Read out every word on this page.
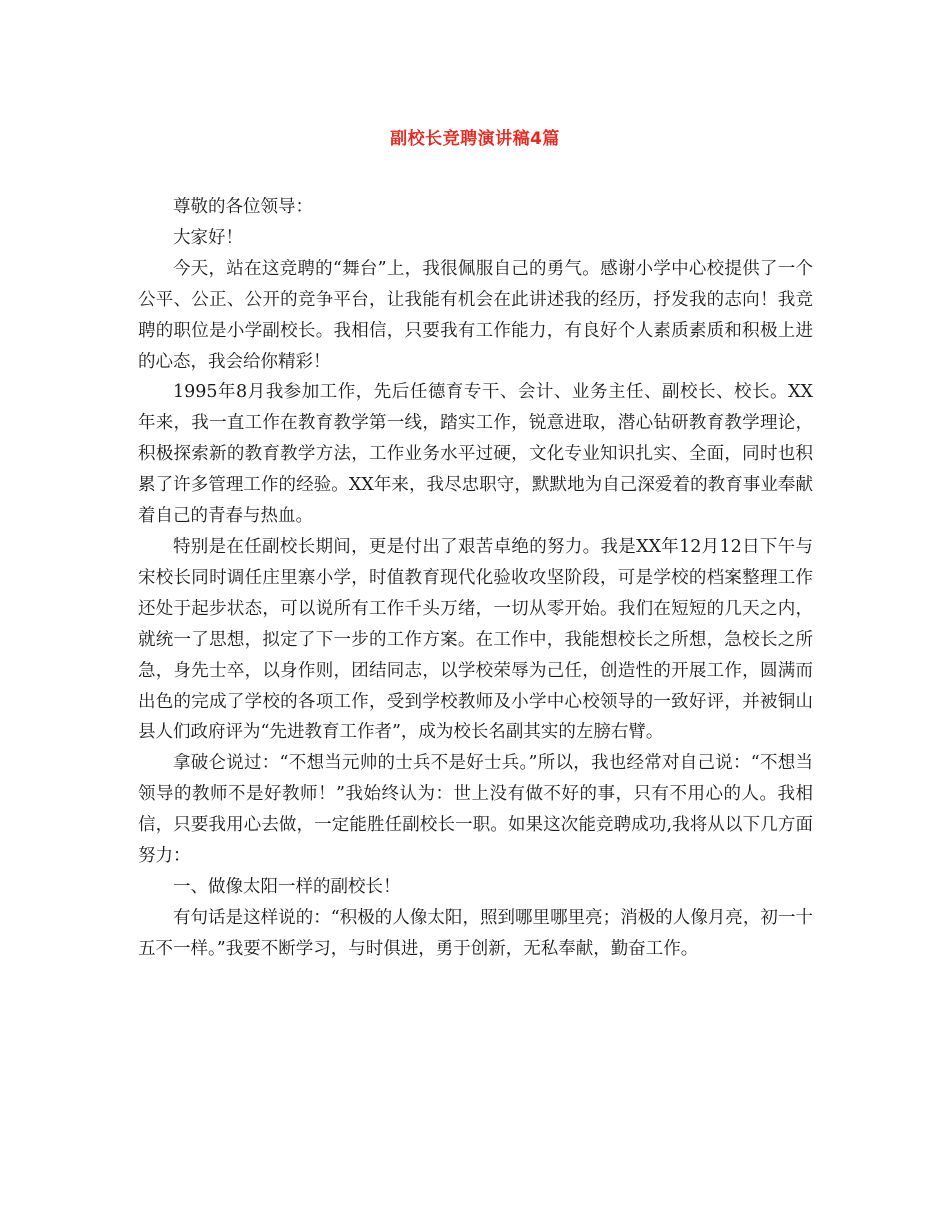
副校长竞聘演讲稿4篇

尊敬的各位领导：

大家好！

今天，站在这竞聘的“舞台”上，我很佩服自己的勇气。感谢小学中心校提供了一个公平、公正、公开的竞争平台，让我能有机会在此讲述我的经历，抒发我的志向！我竞聘的职位是小学副校长。我相信，只要我有工作能力，有良好个人素质素质和积极上进的心态，我会给你精彩！

1995年8月我参加工作，先后任德育专干、会计、业务主任、副校长、校长。XX年来，我一直工作在教育教学第一线，踏实工作，锐意进取，潜心钻研教育教学理论，积极探索新的教育教学方法，工作业务水平过硬，文化专业知识扎实、全面，同时也积累了许多管理工作的经验。XX年来，我尽忠职守，默默地为自己深爱着的教育事业奉献着自己的青春与热血。

特别是在任副校长期间，更是付出了艰苦卓绝的努力。我是XX年12月12日下午与宋校长同时调任庄里寨小学，时值教育现代化验收攻坚阶段，可是学校的档案整理工作还处于起步状态，可以说所有工作千头万绪，一切从零开始。我们在短短的几天之内，就统一了思想，拟定了下一步的工作方案。在工作中，我能想校长之所想，急校长之所急，身先士卒，以身作则，团结同志，以学校荣辱为己任，创造性的开展工作，圆满而出色的完成了学校的各项工作，受到学校教师及小学中心校领导的一致好评，并被铜山县人们政府评为“先进教育工作者”，成为校长名副其实的左膀右臂。

拿破仑说过：“不想当元帅的士兵不是好士兵。”所以，我也经常对自己说：“不想当领导的教师不是好教师！”我始终认为：世上没有做不好的事，只有不用心的人。我相信，只要我用心去做，一定能胜任副校长一职。如果这次能竞聘成功,我将从以下几方面努力：

一、做像太阳一样的副校长！

有句话是这样说的：“积极的人像太阳，照到哪里哪里亮；消极的人像月亮，初一十五不一样。”我要不断学习，与时俱进，勇于创新，无私奉献，勤奋工作。
